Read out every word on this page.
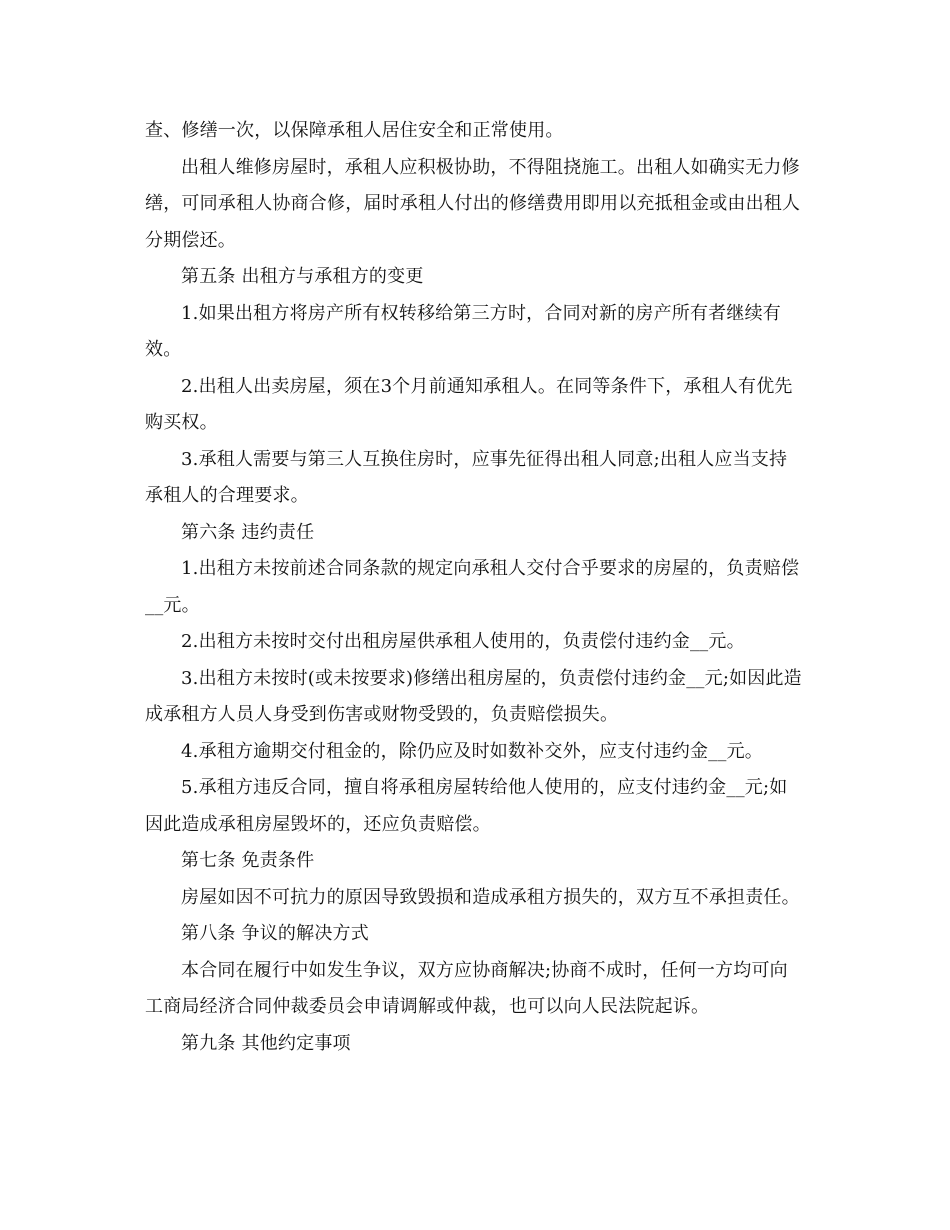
查、修缮一次，以保障承租人居住安全和正常使用。

出租人维修房屋时，承租人应积极协助，不得阻挠施工。出租人如确实无力修缮，可同承租人协商合修，届时承租人付出的修缮费用即用以充抵租金或由出租人分期偿还。

第五条 出租方与承租方的变更

1.如果出租方将房产所有权转移给第三方时，合同对新的房产所有者继续有效。

2.出租人出卖房屋，须在3个月前通知承租人。在同等条件下，承租人有优先购买权。

3.承租人需要与第三人互换住房时，应事先征得出租人同意;出租人应当支持承租人的合理要求。

第六条 违约责任

1.出租方未按前述合同条款的规定向承租人交付合乎要求的房屋的，负责赔偿__元。

2.出租方未按时交付出租房屋供承租人使用的，负责偿付违约金__元。

3.出租方未按时(或未按要求)修缮出租房屋的，负责偿付违约金__元;如因此造成承租方人员人身受到伤害或财物受毁的，负责赔偿损失。

4.承租方逾期交付租金的，除仍应及时如数补交外，应支付违约金__元。

5.承租方违反合同，擅自将承租房屋转给他人使用的，应支付违约金__元;如因此造成承租房屋毁坏的，还应负责赔偿。

第七条 免责条件

房屋如因不可抗力的原因导致毁损和造成承租方损失的，双方互不承担责任。

第八条 争议的解决方式

本合同在履行中如发生争议，双方应协商解决;协商不成时，任何一方均可向工商局经济合同仲裁委员会申请调解或仲裁，也可以向人民法院起诉。

第九条 其他约定事项
